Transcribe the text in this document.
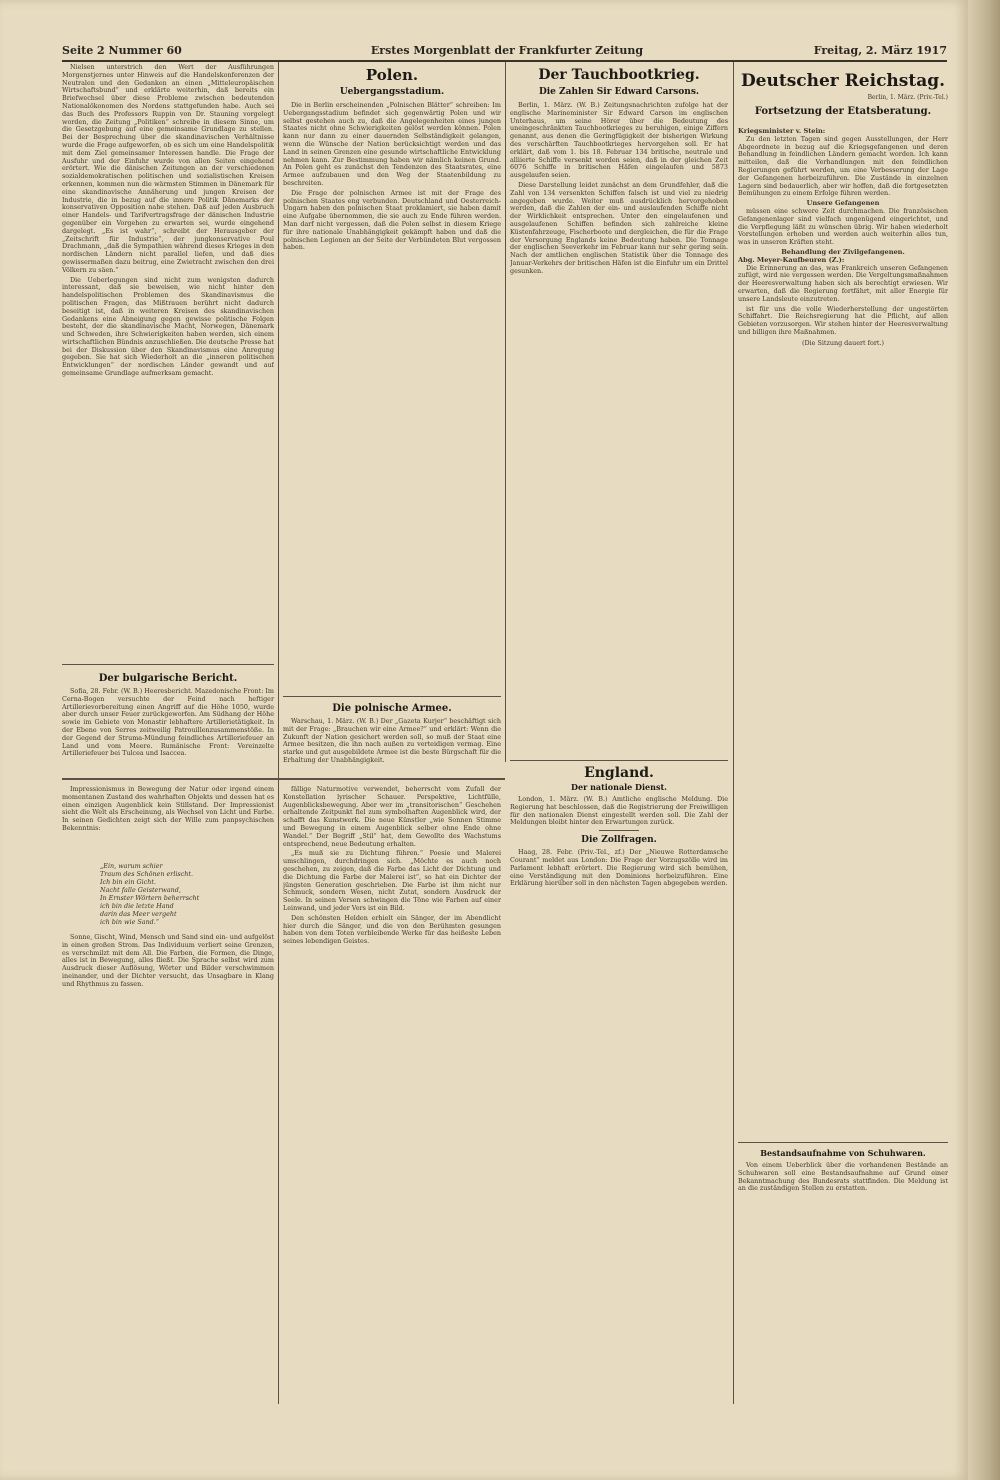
Seite 2 Nummer 60	Erstes Morgenblatt der Frankfurter Zeitung	Freitag, 2. März 1917

Nielsen unterstrich den Wert der Ausführungen Morgenstjernes unter Hinweis auf die Handelskonferenzen der Neutralen und den Gedanken an einen „Mitteleuropäischen Wirtschaftsbund“ und erklärte weiterhin, daß bereits ein Briefwechsel über diese Probleme zwischen bedeutenden Nationalökonomen des Nordens stattgefunden habe. Auch sei das Buch des Professors Ruppin von Dr. Stauning vorgelegt worden, die Zeitung „Politiken“ schreibe in diesem Sinne, um die Gesetzgebung auf eine gemeinsame Grundlage zu stellen. Bei der Besprechung über die skandinavischen Verhältnisse wurde die Frage aufgeworfen, ob es sich um eine Handelspolitik mit dem Ziel gemeinsamer Interessen handle. Die Frage der Ausfuhr und der Einfuhr wurde von allen Seiten eingehend erörtert. Wie die dänischen Zeitungen an der verschiedenen sozialdemokratischen politischen und sozialistischen Kreisen erkennen, kommen nun die wärmsten Stimmen in Dänemark für eine skandinavische Annäherung und jungen Kreisen der Industrie, die in bezug auf die innere Politik Dänemarks der konservativen Opposition nahe stehen. Daß auf jeden Ausbruch einer Handels- und Tarifvertragsfrage der dänischen Industrie gegenüber ein Vorgehen zu erwarten sei, wurde eingehend dargelegt. „Es ist wahr“, schreibt der Herausgeber der „Zeitschrift für Industrie“, der jungkonservative Poul Drachmann, „daß die Sympathien während dieses Krieges in den nordischen Ländern nicht parallel liefen, und daß dies gewissermaßen dazu beitrug, eine Zwietracht zwischen den drei Völkern zu säen.“

Die Ueberlegungen sind nicht zum wenigsten dadurch interessant, daß sie beweisen, wie nicht hinter den handelspolitischen Problemen des Skandinavismus die politischen Fragen, das Mißtrauen berührt nicht dadurch beseitigt ist, daß in weiteren Kreisen des skandinavischen Gedankens eine Abneigung gegen gewisse politische Folgen besteht, der die skandinavische Macht, Norwegen, Dänemark und Schweden, ihre Schwierigkeiten haben werden, sich einem wirtschaftlichen Bündnis anzuschließen. Die deutsche Presse hat bei der Diskussion über den Skandinavismus eine Anregung gegeben. Sie hat sich Wiederholt an die „inneren politischen Entwicklungen“ der nordischen Länder gewandt und auf gemeinsame Grundlage aufmerksam gemacht.

Der bulgarische Bericht.

Sofia, 28. Febr. (W. B.) Heeresbericht. Mazedonische Front: Im Cerna-Bogen versuchte der Feind nach heftiger Artillerievorbereitung einen Angriff auf die Höhe 1050, wurde aber durch unser Feuer zurückgeworfen. Am Südhang der Höhe sowie im Gebiete von Monastir lebhaftere Artillerietätigkeit. In der Ebene von Serres zeitweilig Patrouillenzusammenstöße. In der Gegend der Struma-Mündung feindliches Artilleriefeuer an Land und vom Meere. Rumänische Front: Vereinzelte Artilleriefeuer bei Tulcea und Isaccea.

Polen.
Uebergangsstadium.

Die in Berlin erscheinenden „Polnischen Blätter“ schreiben: Im Uebergangsstadium befindet sich gegenwärtig Polen und wir selbst gestehen auch zu, daß die Angelegenheiten eines jungen Staates nicht ohne Schwierigkeiten gelöst werden können. Polen kann nur dann zu einer dauernden Selbständigkeit gelangen, wenn die Wünsche der Nation berücksichtigt werden und das Land in seinen Grenzen eine gesunde wirtschaftliche Entwicklung nehmen kann. Zur Bestimmung haben wir nämlich keinen Grund. An Polen geht es zunächst den Tendenzen des Staatsrates, eine Armee aufzubauen und den Weg der Staatenbildung zu beschreiten.

Die Frage der polnischen Armee ist mit der Frage des polnischen Staates eng verbunden. Deutschland und Oesterreich-Ungarn haben den polnischen Staat proklamiert, sie haben damit eine Aufgabe übernommen, die sie auch zu Ende führen werden. Man darf nicht vergessen, daß die Polen selbst in diesem Kriege für ihre nationale Unabhängigkeit gekämpft haben und daß die polnischen Legionen an der Seite der Verbündeten Blut vergossen haben.

Die polnische Armee.

Warschau, 1. März. (W. B.) Der „Gazeta Kurjer“ beschäftigt sich mit der Frage: „Brauchen wir eine Armee?“ und erklärt: Wenn die Zukunft der Nation gesichert werden soll, so muß der Staat eine Armee besitzen, die ihn nach außen zu verteidigen vermag. Eine starke und gut ausgebildete Armee ist die beste Bürgschaft für die Erhaltung der Unabhängigkeit.

Der Tauchbootkrieg.
Die Zahlen Sir Edward Carsons.

Berlin, 1. März. (W. B.) Zeitungsnachrichten zufolge hat der englische Marineminister Sir Edward Carson im englischen Unterhaus, um seine Hörer über die Bedeutung des uneingeschränkten Tauchbootkrieges zu beruhigen, einige Ziffern genannt, aus denen die Geringfügigkeit der bisherigen Wirkung des verschärften Tauchbootkrieges hervorgehen soll. Er hat erklärt, daß vom 1. bis 18. Februar 134 britische, neutrale und alliierte Schiffe versenkt worden seien, daß in der gleichen Zeit 6076 Schiffe in britischen Häfen eingelaufen und 5873 ausgelaufen seien.

Diese Darstellung leidet zunächst an dem Grundfehler, daß die Zahl von 134 versenkten Schiffen falsch ist und viel zu niedrig angegeben wurde. Weiter muß ausdrücklich hervorgehoben werden, daß die Zahlen der ein- und auslaufenden Schiffe nicht der Wirklichkeit entsprechen. Unter den eingelaufenen und ausgelaufenen Schiffen befinden sich zahlreiche kleine Küstenfahrzeuge, Fischerboote und dergleichen, die für die Frage der Versorgung Englands keine Bedeutung haben. Die Tonnage der englischen Seeverkehr im Februar kann nur sehr gering sein. Nach der amtlichen englischen Statistik über die Tonnage des Januar-Verkehrs der britischen Häfen ist die Einfuhr um ein Drittel gesunken.

England.
Der nationale Dienst.

London, 1. März. (W. B.) Amtliche englische Meldung. Die Regierung hat beschlossen, daß die Registrierung der Freiwilligen für den nationalen Dienst eingestellt werden soll. Die Zahl der Meldungen bleibt hinter den Erwartungen zurück.

Die Zollfragen.

Haag, 28. Febr. (Priv.-Tel., zf.) Der „Nieuwe Rotterdamsche Courant“ meldet aus London: Die Frage der Vorzugszölle wird im Parlament lebhaft erörtert. Die Regierung wird sich bemühen, eine Verständigung mit den Dominions herbeizuführen. Eine Erklärung hierüber soll in den nächsten Tagen abgegeben werden.

Deutscher Reichstag.
Berlin, 1. März. (Priv.-Tel.)
Fortsetzung der Etatsberatung.
Kriegsminister v. Stein:

Zu den letzten Tagen sind gegen Ausstellungen, der Herr Abgeordnete in bezug auf die Kriegsgefangenen und deren Behandlung in feindlichen Ländern gemacht worden. Ich kann mitteilen, daß die Verhandlungen mit den feindlichen Regierungen geführt werden, um eine Verbesserung der Lage der Gefangenen herbeizuführen. Die Zustände in einzelnen Lagern sind bedauerlich, aber wir hoffen, daß die fortgesetzten Bemühungen zu einem Erfolge führen werden.

Unsere Gefangenen

müssen eine schwere Zeit durchmachen. Die französischen Gefangenenlager sind vielfach ungenügend eingerichtet, und die Verpflegung läßt zu wünschen übrig. Wir haben wiederholt Vorstellungen erhoben und werden auch weiterhin alles tun, was in unseren Kräften steht.

Behandlung der Zivilgefangenen.
Abg. Meyer-Kaufbeuren (Z.):

Die Erinnerung an das, was Frankreich unseren Gefangenen zufügt, wird nie vergessen werden. Die Vergeltungsmaßnahmen der Heeresverwaltung haben sich als berechtigt erwiesen. Wir erwarten, daß die Regierung fortfährt, mit aller Energie für unsere Landsleute einzutreten.

ist für uns die volle Wiederherstellung der ungestörten Schiffahrt. Die Reichsregierung hat die Pflicht, auf allen Gebieten vorzusorgen. Wir stehen hinter der Heeresverwaltung und billigen ihre Maßnahmen.

(Die Sitzung dauert fort.)
Bestandsaufnahme von Schuhwaren.

Von einem Ueberblick über die vorhandenen Bestände an Schuhwaren soll eine Bestandsaufnahme auf Grund einer Bekanntmachung des Bundesrats stattfinden. Die Meldung ist an die zuständigen Stellen zu erstatten.

Impressionismus in Bewegung der Natur oder irgend einem momentanen Zustand des wahrhaften Objekts und dessen hat es einen einzigen Augenblick kein Stillstand. Der Impressionist sieht die Welt als Erscheinung, als Wechsel von Licht und Farbe. In seinen Gedichten zeigt sich der Wille zum panpsychischen Bekenntnis:

„Ein, warum schier
Traum des Schönen erlischt.
Ich bin ein Gicht.
Nacht falle Geisterwand,
In Ernster Wörtern beherrscht
ich bin die letzte Hand
darin das Meer vergeht
ich bin wie Sand.“

Sonne, Gischt, Wind, Mensch und Sand sind ein- und aufgelöst in einen großen Strom. Das Individuum verliert seine Grenzen, es verschmilzt mit dem All. Die Farben, die Formen, die Dinge, alles ist in Bewegung, alles fließt. Die Sprache selbst wird zum Ausdruck dieser Auflösung, Wörter und Bilder verschwimmen ineinander, und der Dichter versucht, das Unsagbare in Klang und Rhythmus zu fassen.

fällige Naturmotive verwendet, beherrscht vom Zufall der Konstellation lyrischer Schauer. Perspektive, Lichtfülle, Augenblicksbewegung. Aber wer im „transitorischen“ Geschehen erhaltende Zeitpunkt fiel zum symbolhaften Augenblick wird, der schafft das Kunstwerk. Die neue Künstler „wie Sonnen Stimme und Bewegung in einem Augenblick selber ohne Ende ohne Wandel.“ Der Begriff „Stil“ hat, dem Gewollte des Wachstums entsprechend, neue Bedeutung erhalten.

„Es muß sie zu Dichtung führen.“ Poesie und Malerei umschlingen, durchdringen sich. „Möchte es auch noch geschehen, zu zeigen, daß die Farbe das Licht der Dichtung und die Dichtung die Farbe der Malerei ist“, so hat ein Dichter der jüngsten Generation geschrieben. Die Farbe ist ihm nicht nur Schmuck, sondern Wesen, nicht Zutat, sondern Ausdruck der Seele. In seinen Versen schwingen die Töne wie Farben auf einer Leinwand, und jeder Vers ist ein Bild.

Den schönsten Helden erhielt ein Sänger, der im Abendlicht hier durch die Sänger, und die von den Berühmten gesungen haben von dem Toten verbleibende Werke für das heißeste Leben seines lebendigen Geistes.
